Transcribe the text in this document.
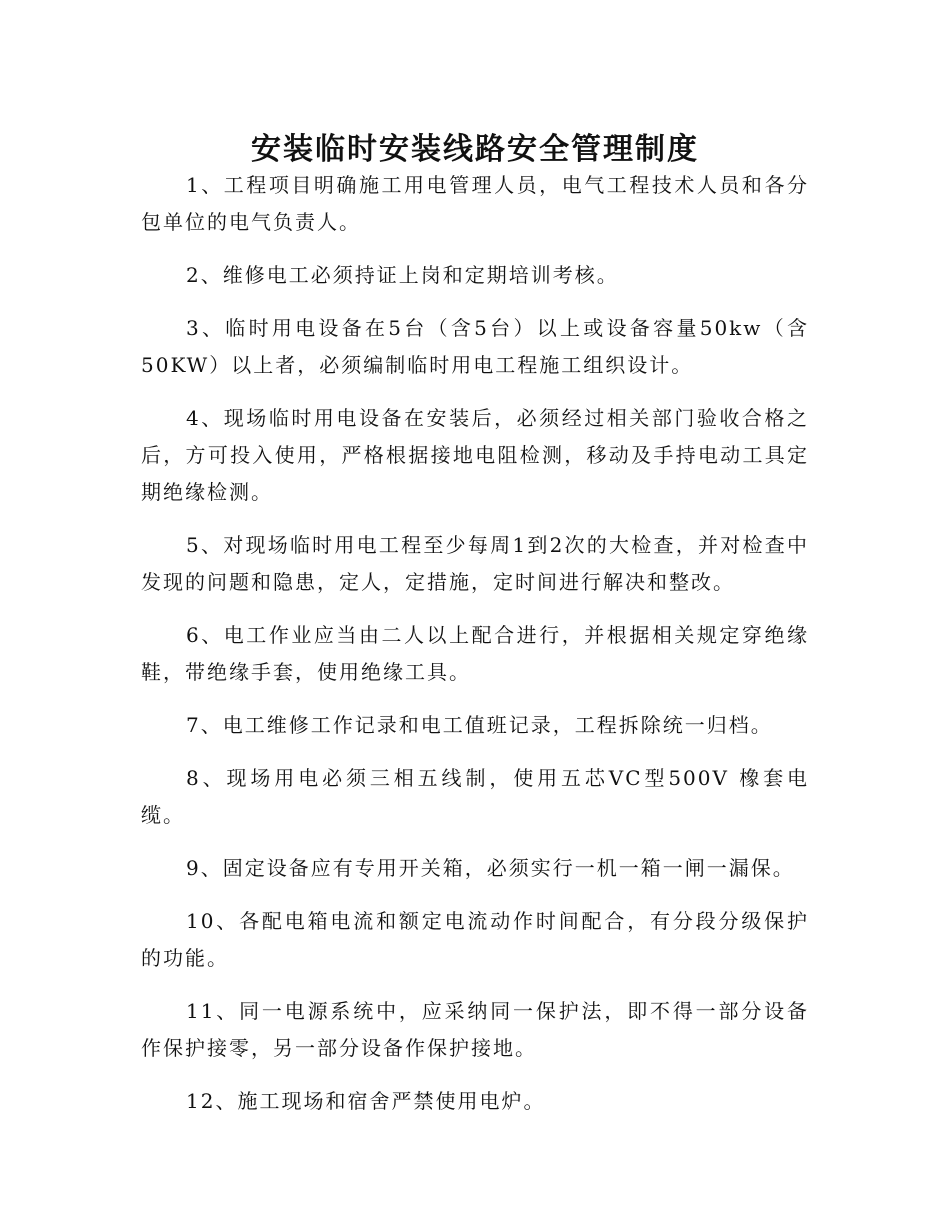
安装临时安装线路安全管理制度

1、工程项目明确施工用电管理人员，电气工程技术人员和各分包单位的电气负责人。

2、维修电工必须持证上岗和定期培训考核。

3、临时用电设备在5台（含5台）以上或设备容量50kw（含50KW）以上者，必须编制临时用电工程施工组织设计。

4、现场临时用电设备在安装后，必须经过相关部门验收合格之后，方可投入使用，严格根据接地电阻检测，移动及手持电动工具定期绝缘检测。

5、对现场临时用电工程至少每周1到2次的大检查，并对检查中发现的问题和隐患，定人，定措施，定时间进行解决和整改。

6、电工作业应当由二人以上配合进行，并根据相关规定穿绝缘鞋，带绝缘手套，使用绝缘工具。

7、电工维修工作记录和电工值班记录，工程拆除统一归档。

8、现场用电必须三相五线制，使用五芯VC型500V 橡套电缆。

9、固定设备应有专用开关箱，必须实行一机一箱一闸一漏保。

10、各配电箱电流和额定电流动作时间配合，有分段分级保护的功能。

11、同一电源系统中，应采纳同一保护法，即不得一部分设备作保护接零，另一部分设备作保护接地。

12、施工现场和宿舍严禁使用电炉。
